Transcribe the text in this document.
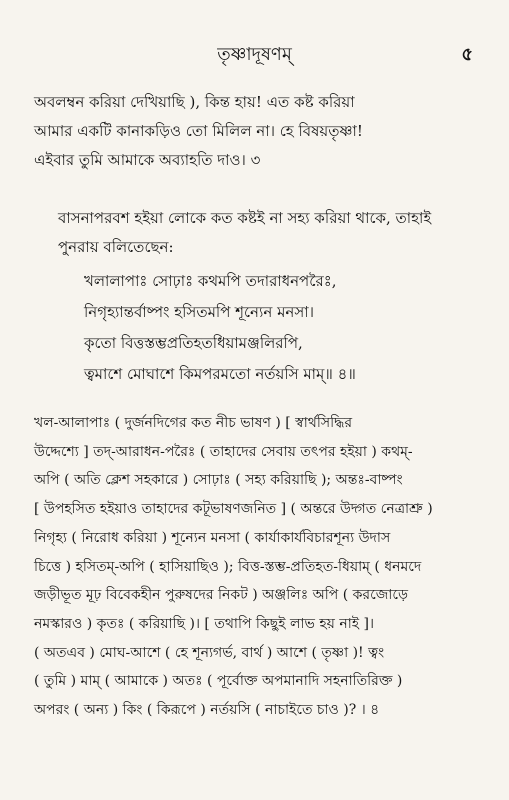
তৃষ্ণাদূষণম্	৫
অবলম্বন করিয়া দেখিয়াছি ), কিন্ত হায়! এত কষ্ট করিয়া
আমার একটি কানাকড়িও তো মিলিল না। হে বিষয়তৃষ্ণা!
এইবার তুমি আমাকে অব্যাহতি দাও। ৩
বাসনাপরবশ হইয়া লোকে কত কষ্টই না সহ্য করিয়া থাকে, তাহাই
পুনরায় বলিতেছেন:
খলালাপাঃ সোঢ়াঃ কথমপি তদারাধনপরৈঃ,
নিগৃহ্যান্তর্বাষ্পং হসিতমপি শূন্যেন মনসা।
কৃতো বিত্তস্তম্ভপ্রতিহতধিয়ামঞ্জলিরপি,
ত্বমাশে মোঘাশে কিমপরমতো নর্তয়সি মাম্॥ ৪॥
খল-আলাপাঃ ( দুর্জনদিগের কত নীচ ভাষণ ) [ স্বার্থসিদ্ধির
উদ্দেশ্যে ] তদ্-আরাধন-পরৈঃ ( তাহাদের সেবায় তৎপর হইয়া ) কথম্-
অপি ( অতি ক্লেশ সহকারে ) সোঢ়াঃ ( সহ্য করিয়াছি ); অন্তঃ-বাষ্পং
[ উপহসিত হইয়াও তাহাদের কটূভাষণজনিত ] ( অন্তরে উদ্গত নেত্রাশ্রু )
নিগৃহ্য ( নিরোধ করিয়া ) শূন্যেন মনসা ( কার্যাকার্যবিচারশূন্য উদাস
চিত্তে ) হসিতম্-অপি ( হাসিয়াছিও ); বিত্ত-স্তম্ভ-প্রতিহত-ধিয়াম্ ( ধনমদে
জড়ীভূত মূঢ় বিবেকহীন পুরুষদের নিকট ) অঞ্জলিঃ অপি ( করজোড়ে
নমস্কারও ) কৃতঃ ( করিয়াছি )। [ তথাপি কিছুই লাভ হয় নাই ]।
( অতএব ) মোঘ-আশে ( হে শূন্যগর্ভ, বার্থ ) আশে ( তৃষ্ণা )! ত্বং
( তুমি ) মাম্ ( আমাকে ) অতঃ ( পূর্বোক্ত অপমানাদি সহনাতিরিক্ত )
অপরং ( অন্য ) কিং ( কিরূপে ) নর্তয়সি ( নাচাইতে চাও )? । ৪
